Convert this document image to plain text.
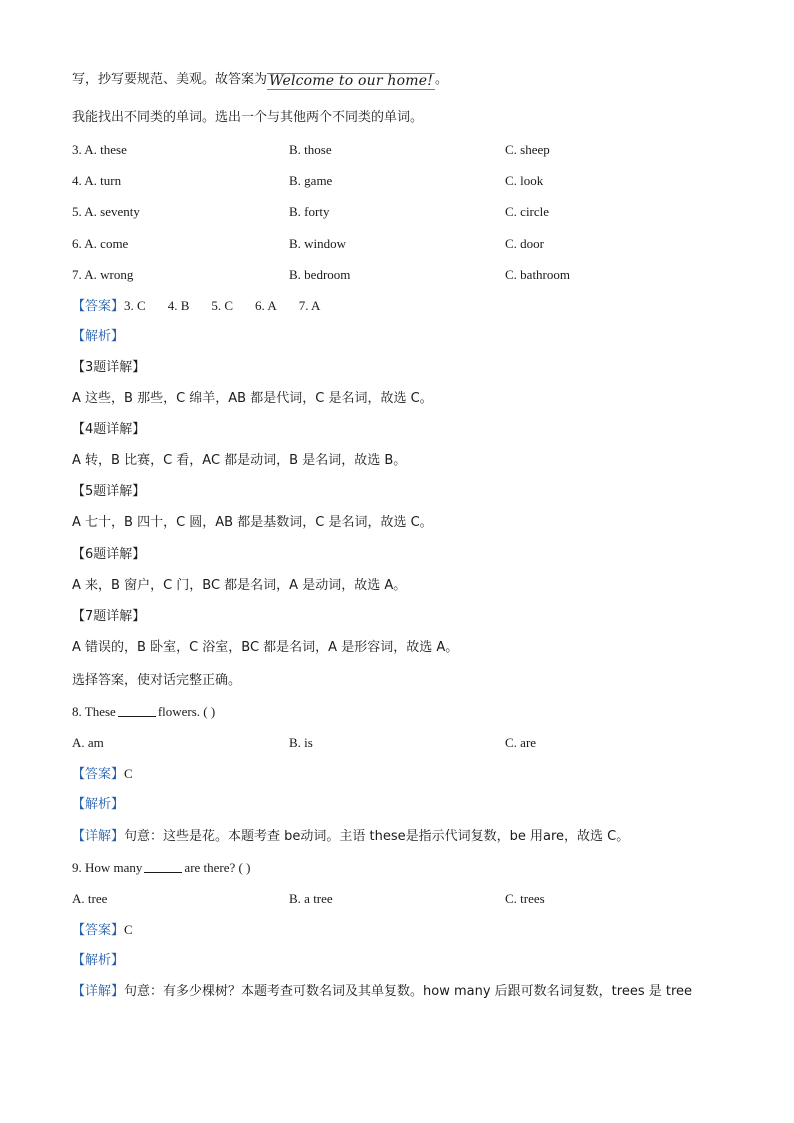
写，抄写要规范、美观。故答案为 Welcome to our home! 。
我能找出不同类的单词。选出一个与其他两个不同类的单词。
3. A. these	B. those	C. sheep
4. A. turn	B. game	C. look
5. A. seventy	B. forty	C. circle
6. A. come	B. window	C. door
7. A. wrong	B. bedroom	C. bathroom
【答案】3. C 4. B 5. C 6. A 7. A
【解析】
【3题详解】
A 这些，B 那些，C 绵羊，AB 都是代词，C 是名词，故选 C。
【4题详解】
A 转，B 比赛，C 看，AC 都是动词，B 是名词，故选 B。
【5题详解】
A 七十，B 四十，C 圆，AB 都是基数词，C 是名词，故选 C。
【6题详解】
A 来，B 窗户，C 门，BC 都是名词，A 是动词，故选 A。
【7题详解】
A 错误的，B 卧室，C 浴室，BC 都是名词，A 是形容词，故选 A。
选择答案，使对话完整正确。
8. These	flowers. ( )
A. am	B. is	C. are
【答案】C
【解析】
【详解】句意：这些是花。本题考查 be动词。主语 these是指示代词复数，be 用are，故选 C。
9. How many	are there? ( )
A. tree	B. a tree	C. trees
【答案】C
【解析】
【详解】句意：有多少棵树？本题考查可数名词及其单复数。how many 后跟可数名词复数，trees 是 tree
